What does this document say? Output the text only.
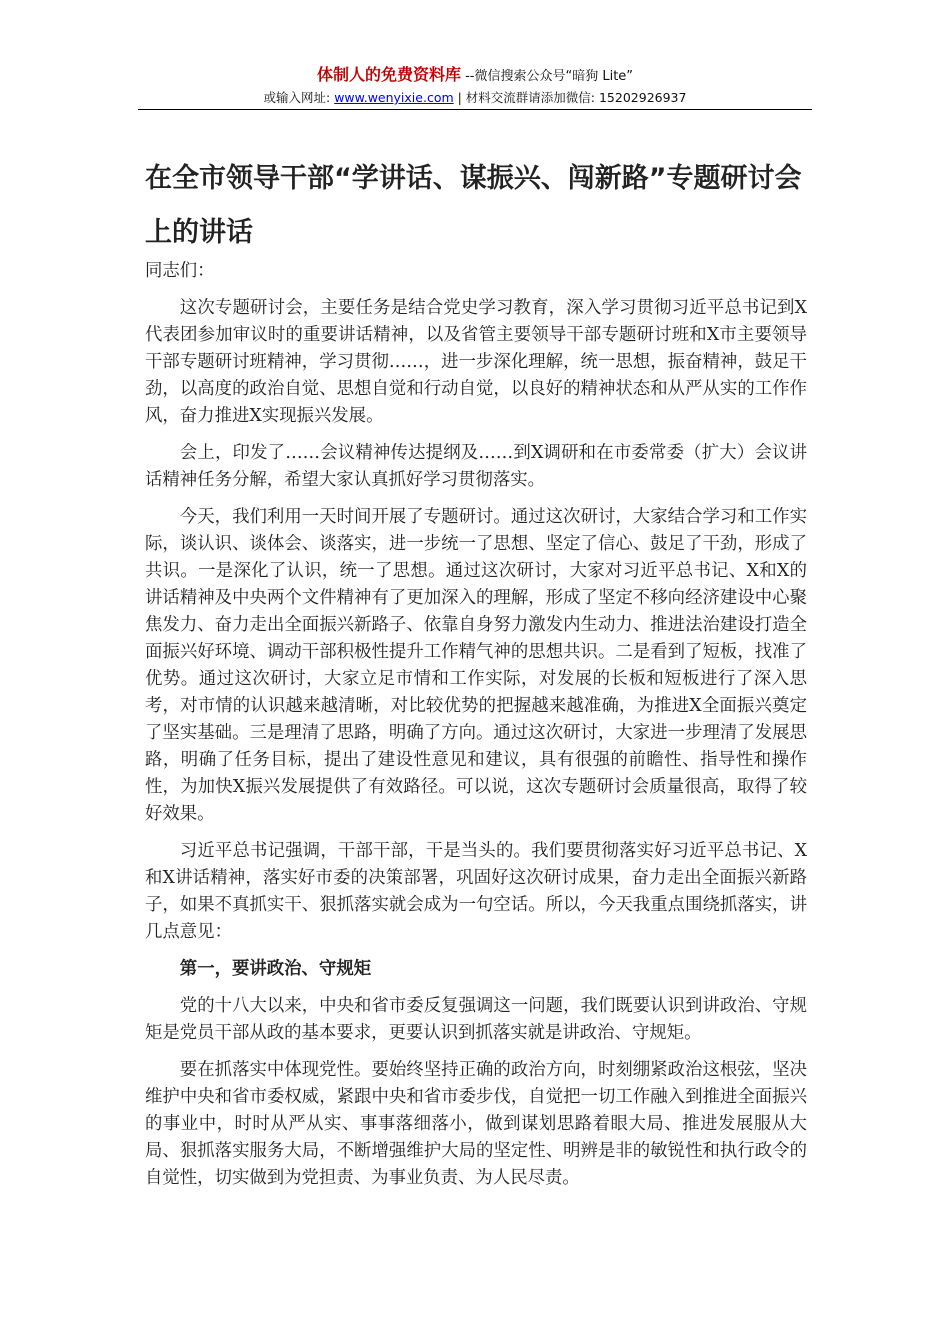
体制人的免费资料库 --微信搜索公众号“暗狗 Lite”
或输入网址: www.wenyixie.com | 材料交流群请添加微信: 15202926937
在全市领导干部“学讲话、谋振兴、闯新路”专题研讨会上的讲话

同志们：

这次专题研讨会，主要任务是结合党史学习教育，深入学习贯彻习近平总书记到X代表团参加审议时的重要讲话精神，以及省管主要领导干部专题研讨班和X市主要领导干部专题研讨班精神，学习贯彻……，进一步深化理解，统一思想，振奋精神，鼓足干劲，以高度的政治自觉、思想自觉和行动自觉，以良好的精神状态和从严从实的工作作风，奋力推进X实现振兴发展。

会上，印发了……会议精神传达提纲及……到X调研和在市委常委（扩大）会议讲话精神任务分解，希望大家认真抓好学习贯彻落实。

今天，我们利用一天时间开展了专题研讨。通过这次研讨，大家结合学习和工作实际，谈认识、谈体会、谈落实，进一步统一了思想、坚定了信心、鼓足了干劲，形成了共识。一是深化了认识，统一了思想。通过这次研讨，大家对习近平总书记、X和X的讲话精神及中央两个文件精神有了更加深入的理解，形成了坚定不移向经济建设中心聚焦发力、奋力走出全面振兴新路子、依靠自身努力激发内生动力、推进法治建设打造全面振兴好环境、调动干部积极性提升工作精气神的思想共识。二是看到了短板，找准了优势。通过这次研讨，大家立足市情和工作实际，对发展的长板和短板进行了深入思考，对市情的认识越来越清晰，对比较优势的把握越来越准确，为推进X全面振兴奠定了坚实基础。三是理清了思路，明确了方向。通过这次研讨，大家进一步理清了发展思路，明确了任务目标，提出了建设性意见和建议，具有很强的前瞻性、指导性和操作性，为加快X振兴发展提供了有效路径。可以说，这次专题研讨会质量很高，取得了较好效果。

习近平总书记强调，干部干部，干是当头的。我们要贯彻落实好习近平总书记、X和X讲话精神，落实好市委的决策部署，巩固好这次研讨成果，奋力走出全面振兴新路子，如果不真抓实干、狠抓落实就会成为一句空话。所以，今天我重点围绕抓落实，讲几点意见：

第一，要讲政治、守规矩

党的十八大以来，中央和省市委反复强调这一问题，我们既要认识到讲政治、守规矩是党员干部从政的基本要求，更要认识到抓落实就是讲政治、守规矩。

要在抓落实中体现党性。要始终坚持正确的政治方向，时刻绷紧政治这根弦，坚决维护中央和省市委权威，紧跟中央和省市委步伐，自觉把一切工作融入到推进全面振兴的事业中，时时从严从实、事事落细落小，做到谋划思路着眼大局、推进发展服从大局、狠抓落实服务大局，不断增强维护大局的坚定性、明辨是非的敏锐性和执行政令的自觉性，切实做到为党担责、为事业负责、为人民尽责。
